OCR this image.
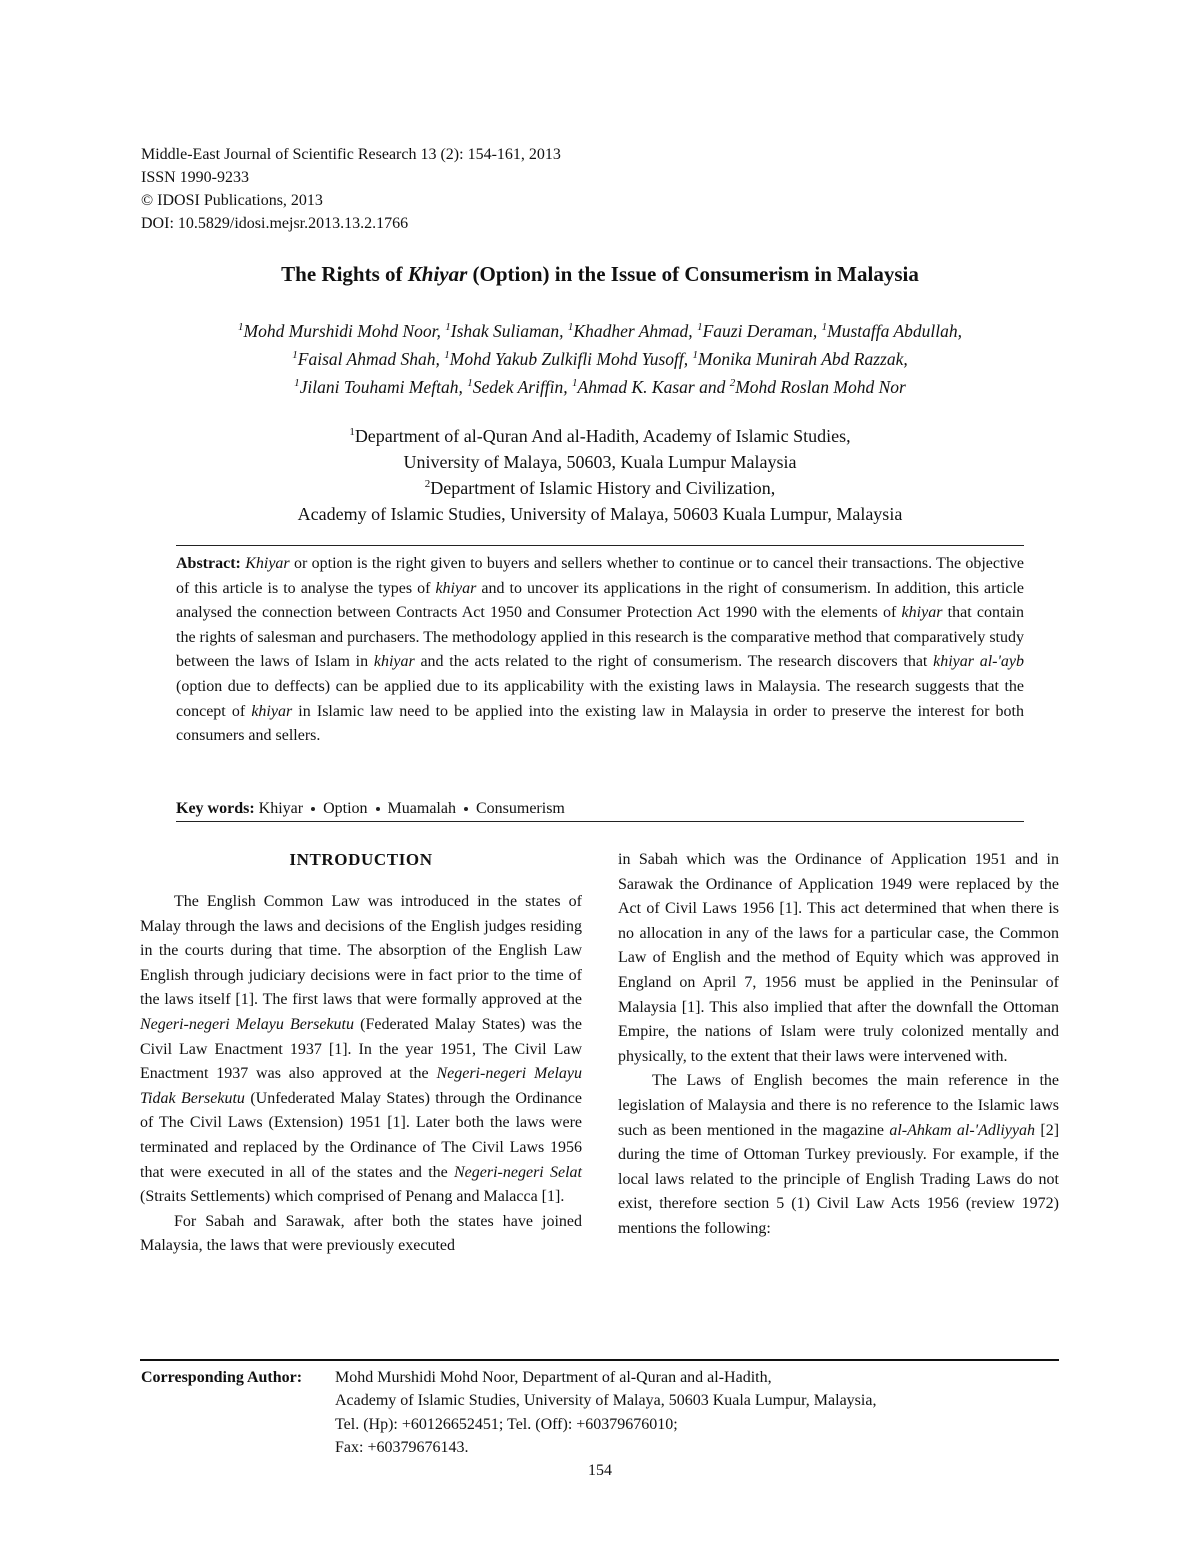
Middle-East Journal of Scientific Research 13 (2): 154-161, 2013
ISSN 1990-9233
© IDOSI Publications, 2013
DOI: 10.5829/idosi.mejsr.2013.13.2.1766
The Rights of Khiyar (Option) in the Issue of Consumerism in Malaysia
$^1$Mohd Murshidi Mohd Noor, $^1$Ishak Suliaman, $^1$Khadher Ahmad, $^1$Fauzi Deraman, $^1$Mustaffa Abdullah,
$^1$Faisal Ahmad Shah, $^1$Mohd Yakub Zulkifli Mohd Yusoff, $^1$Monika Munirah Abd Razzak,
$^1$Jilani Touhami Meftah, $^1$Sedek Ariffin, $^1$Ahmad K. Kasar and $^2$Mohd Roslan Mohd Nor
$^1$Department of al-Quran And al-Hadith, Academy of Islamic Studies,
University of Malaya, 50603, Kuala Lumpur Malaysia
$^2$Department of Islamic History and Civilization,
Academy of Islamic Studies, University of Malaya, 50603 Kuala Lumpur, Malaysia
Abstract: Khiyar or option is the right given to buyers and sellers whether to continue or to cancel their transactions. The objective of this article is to analyse the types of khiyar and to uncover its applications in the right of consumerism. In addition, this article analysed the connection between Contracts Act 1950 and Consumer Protection Act 1990 with the elements of khiyar that contain the rights of salesman and purchasers. The methodology applied in this research is the comparative method that comparatively study between the laws of Islam in khiyar and the acts related to the right of consumerism. The research discovers that khiyar al-'ayb (option due to deffects) can be applied due to its applicability with the existing laws in Malaysia. The research suggests that the concept of khiyar in Islamic law need to be applied into the existing law in Malaysia in order to preserve the interest for both consumers and sellers.
Key words: Khiyar Option Muamalah Consumerism
INTRODUCTION

The English Common Law was introduced in the states of Malay through the laws and decisions of the English judges residing in the courts during that time. The absorption of the English Law English through judiciary decisions were in fact prior to the time of the laws itself [1]. The first laws that were formally approved at the Negeri-negeri Melayu Bersekutu (Federated Malay States) was the Civil Law Enactment 1937 [1]. In the year 1951, The Civil Law Enactment 1937 was also approved at the Negeri-negeri Melayu Tidak Bersekutu (Unfederated Malay States) through the Ordinance of The Civil Laws (Extension) 1951 [1]. Later both the laws were terminated and replaced by the Ordinance of The Civil Laws 1956 that were executed in all of the states and the Negeri-negeri Selat (Straits Settlements) which comprised of Penang and Malacca [1].

For Sabah and Sarawak, after both the states have joined Malaysia, the laws that were previously executed

in Sabah which was the Ordinance of Application 1951 and in Sarawak the Ordinance of Application 1949 were replaced by the Act of Civil Laws 1956 [1]. This act determined that when there is no allocation in any of the laws for a particular case, the Common Law of English and the method of Equity which was approved in England on April 7, 1956 must be applied in the Peninsular of Malaysia [1]. This also implied that after the downfall the Ottoman Empire, the nations of Islam were truly colonized mentally and physically, to the extent that their laws were intervened with.

The Laws of English becomes the main reference in the legislation of Malaysia and there is no reference to the Islamic laws such as been mentioned in the magazine al-Ahkam al-'Adliyyah [2] during the time of Ottoman Turkey previously. For example, if the local laws related to the principle of English Trading Laws do not exist, therefore section 5 (1) Civil Law Acts 1956 (review 1972) mentions the following:

Corresponding Author: Mohd Murshidi Mohd Noor, Department of al-Quran and al-Hadith,
Academy of Islamic Studies, University of Malaya, 50603 Kuala Lumpur, Malaysia,
Tel. (Hp): +60126652451; Tel. (Off): +60379676010;
Fax: +60379676143.
154
